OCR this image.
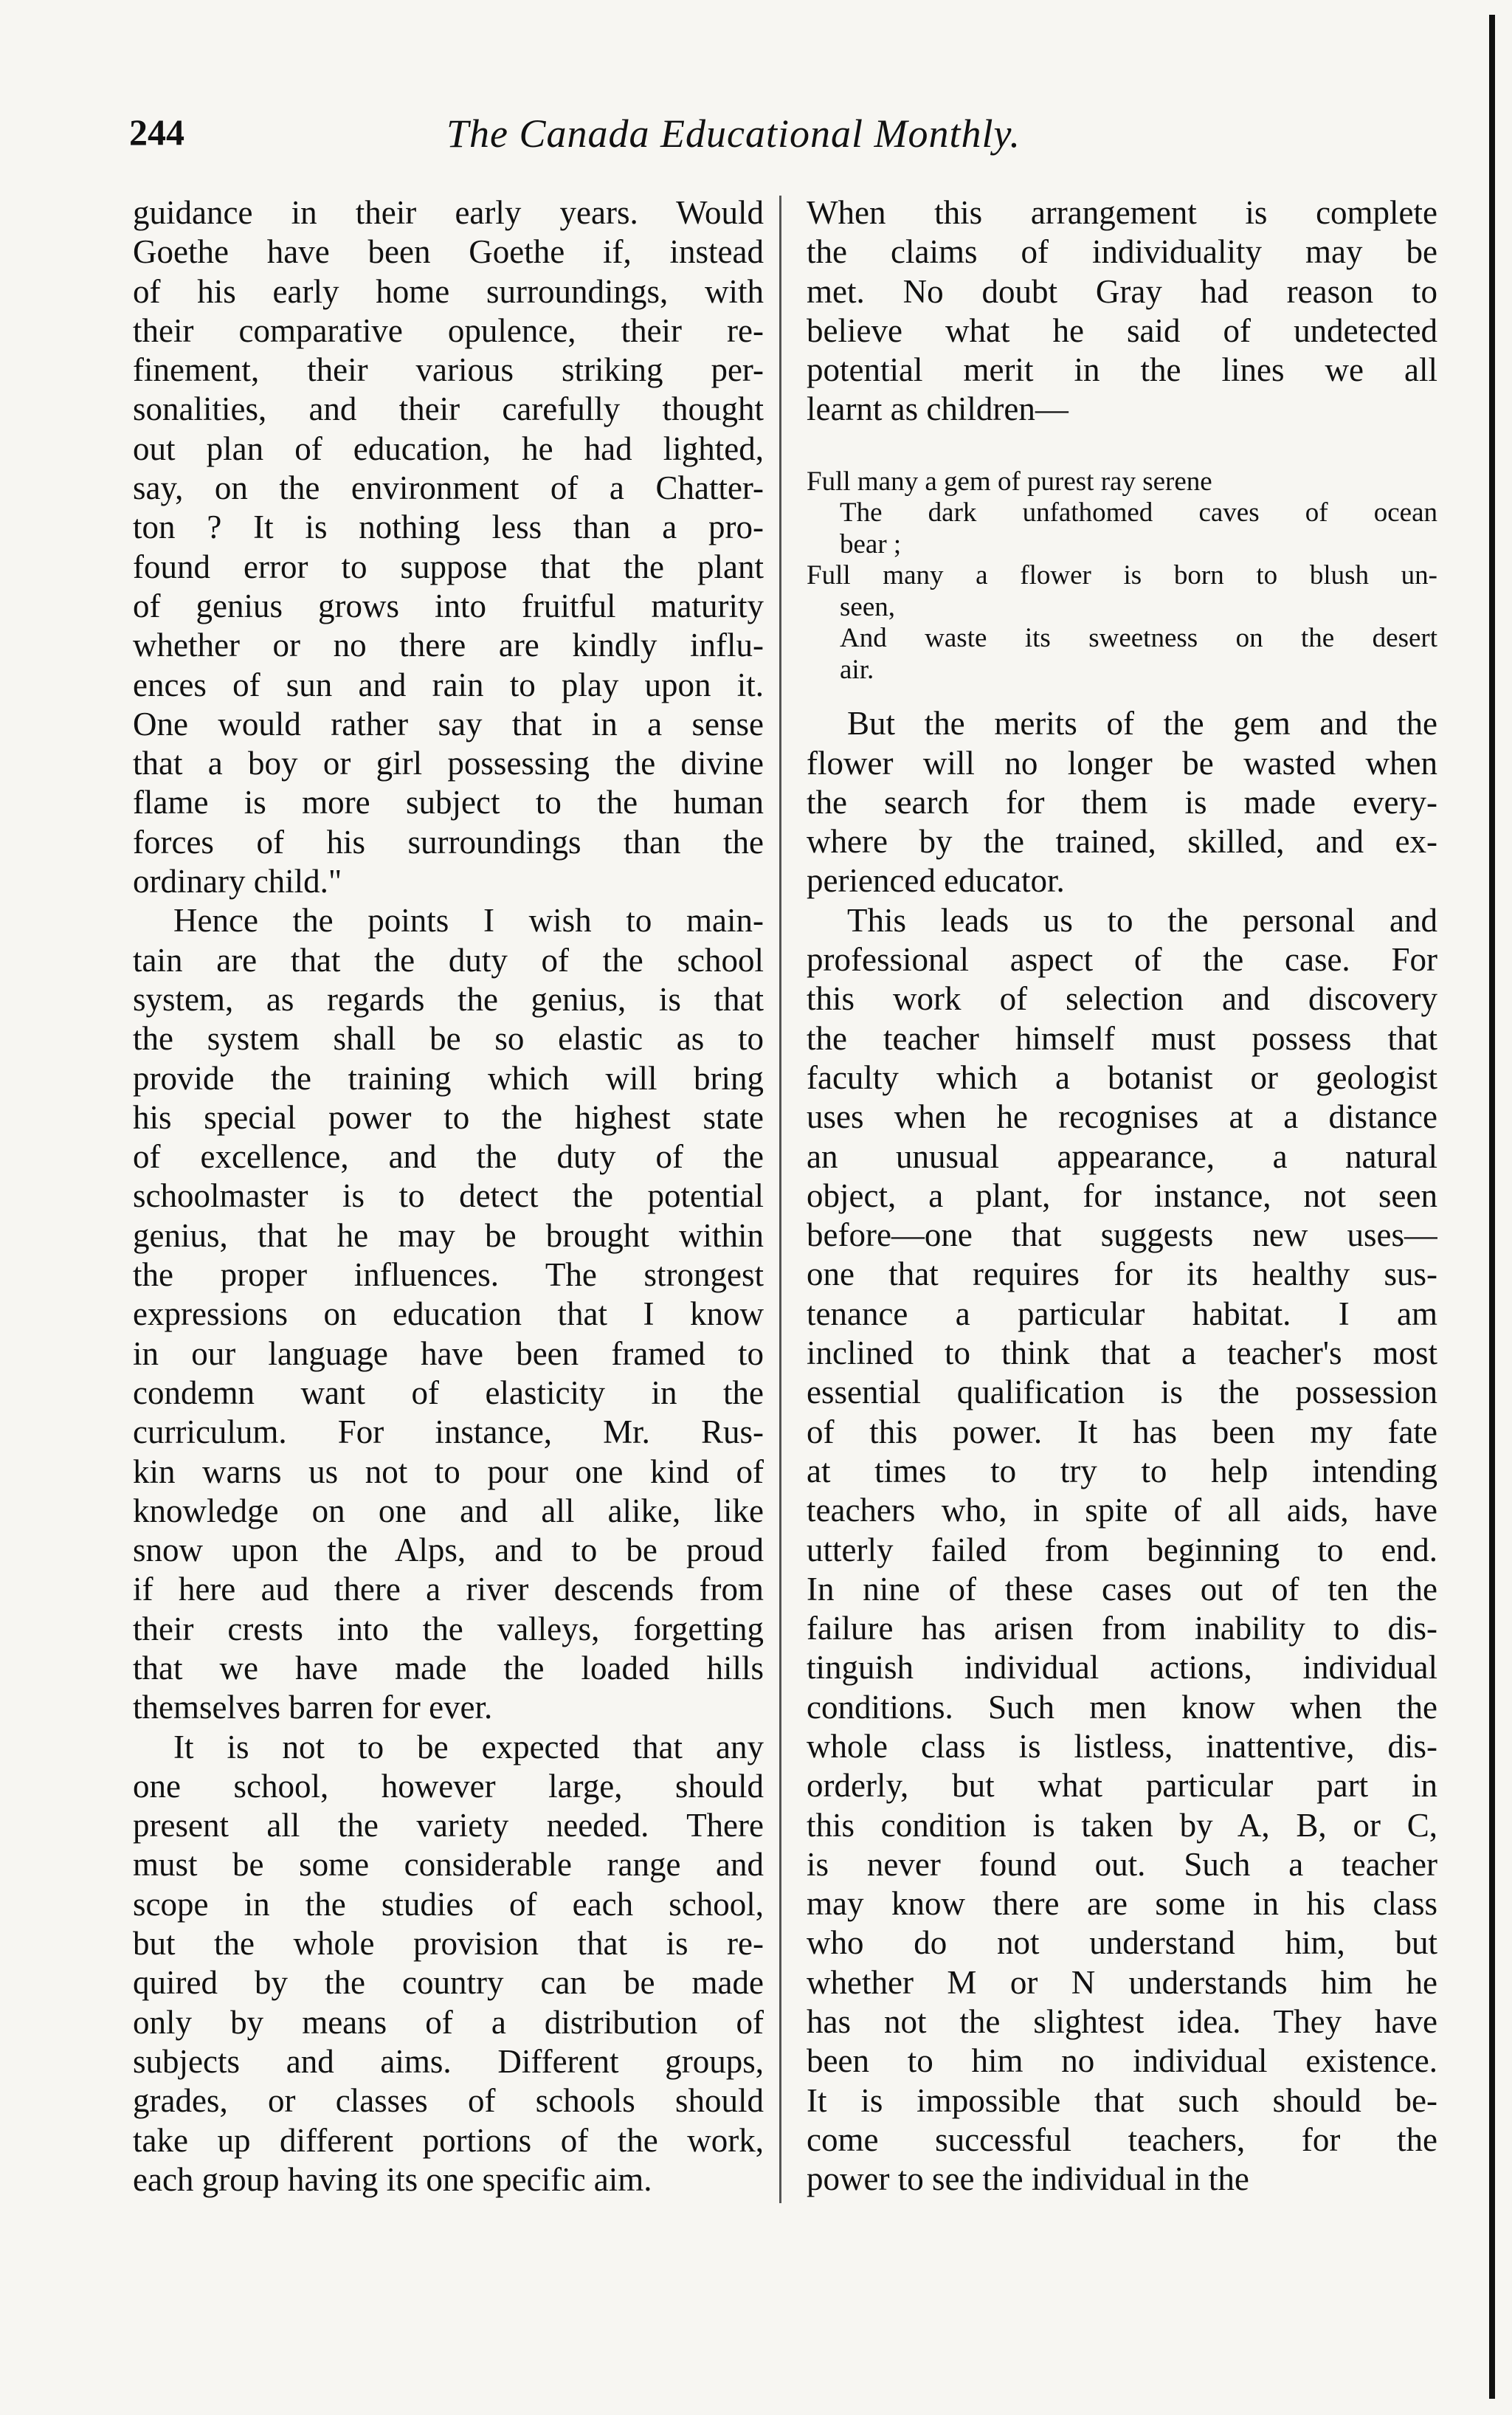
244	The Canada Educational Monthly.
guidance in their early years. Would
Goethe have been Goethe if, instead
of his early home surroundings, with
their comparative opulence, their re-
finement, their various striking per-
sonalities, and their carefully thought
out plan of education, he had lighted,
say, on the environment of a Chatter-
ton ? It is nothing less than a pro-
found error to suppose that the plant
of genius grows into fruitful maturity
whether or no there are kindly influ-
ences of sun and rain to play upon it.
One would rather say that in a sense
that a boy or girl possessing the divine
flame is more subject to the human
forces of his surroundings than the
ordinary child."
Hence the points I wish to main-
tain are that the duty of the school
system, as regards the genius, is that
the system shall be so elastic as to
provide the training which will bring
his special power to the highest state
of excellence, and the duty of the
schoolmaster is to detect the potential
genius, that he may be brought within
the proper influences. The strongest
expressions on education that I know
in our language have been framed to
condemn want of elasticity in the
curriculum. For instance, Mr. Rus-
kin warns us not to pour one kind of
knowledge on one and all alike, like
snow upon the Alps, and to be proud
if here aud there a river descends from
their crests into the valleys, forgetting
that we have made the loaded hills
themselves barren for ever.
It is not to be expected that any
one school, however large, should
present all the variety needed. There
must be some considerable range and
scope in the studies of each school,
but the whole provision that is re-
quired by the country can be made
only by means of a distribution of
subjects and aims. Different groups,
grades, or classes of schools should
take up different portions of the work,
each group having its one specific aim.
When this arrangement is complete
the claims of individuality may be
met. No doubt Gray had reason to
believe what he said of undetected
potential merit in the lines we all
learnt as children—
Full many a gem of purest ray serene
The dark unfathomed caves of ocean
bear ;
Full many a flower is born to blush un-
seen,
And waste its sweetness on the desert
air.
But the merits of the gem and the
flower will no longer be wasted when
the search for them is made every-
where by the trained, skilled, and ex-
perienced educator.
This leads us to the personal and
professional aspect of the case. For
this work of selection and discovery
the teacher himself must possess that
faculty which a botanist or geologist
uses when he recognises at a distance
an unusual appearance, a natural
object, a plant, for instance, not seen
before—one that suggests new uses—
one that requires for its healthy sus-
tenance a particular habitat. I am
inclined to think that a teacher's most
essential qualification is the possession
of this power. It has been my fate
at times to try to help intending
teachers who, in spite of all aids, have
utterly failed from beginning to end.
In nine of these cases out of ten the
failure has arisen from inability to dis-
tinguish individual actions, individual
conditions. Such men know when the
whole class is listless, inattentive, dis-
orderly, but what particular part in
this condition is taken by A, B, or C,
is never found out. Such a teacher
may know there are some in his class
who do not understand him, but
whether M or N understands him he
has not the slightest idea. They have
been to him no individual existence.
It is impossible that such should be-
come successful teachers, for the
power to see the individual in the
